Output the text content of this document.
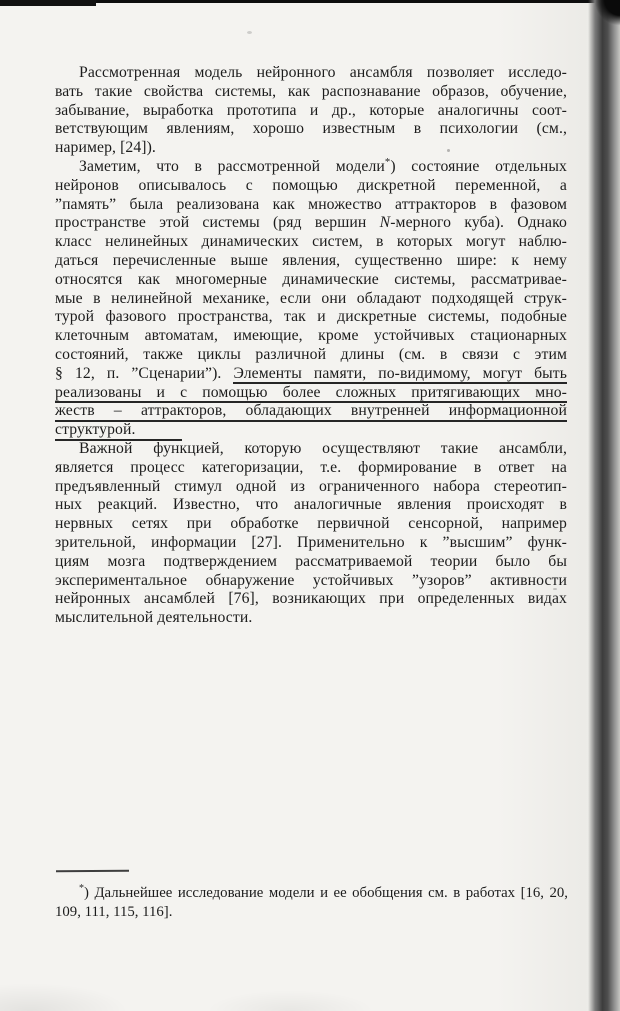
Рассмотренная модель нейронного ансамбля позволяет исследо-
вать такие свойства системы, как распознавание образов, обучение,
забывание, выработка прототипа и др., которые аналогичны соот-
ветствующим явлениям, хорошо известным в психологии (см.,
наример, [24]).
Заметим, что в рассмотренной модели*) состояние отдельных
нейронов описывалось с помощью дискретной переменной, а
”память” была реализована как множество аттракторов в фазовом
пространстве этой системы (ряд вершин N-мерного куба). Однако
класс нелинейных динамических систем, в которых могут наблю-
даться перечисленные выше явления, существенно шире: к нему
относятся как многомерные динамические системы, рассматривае-
мые в нелинейной механике, если они обладают подходящей струк-
турой фазового пространства, так и дискретные системы, подобные
клеточным автоматам, имеющие, кроме устойчивых стационарных
состояний, также циклы различной длины (см. в связи с этим
§ 12, п. ”Сценарии”). Элементы памяти, по-видимому, могут быть
реализованы и с помощью более сложных притягивающих мно-
жеств – аттракторов, обладающих внутренней информационной
структурой.
Важной функцией, которую осуществляют такие ансамбли,
является процесс категоризации, т.е. формирование в ответ на
предъявленный стимул одной из ограниченного набора стереотип-
ных реакций. Известно, что аналогичные явления происходят в
нервных сетях при обработке первичной сенсорной, например
зрительной, информации [27]. Применительно к ”высшим” функ-
циям мозга подтверждением рассматриваемой теории было бы
экспериментальное обнаружение устойчивых ”узоров” активности
нейронных ансамблей [76], возникающих при определенных видах
мыслительной деятельности.
*) Дальнейшее исследование модели и ее обобщения см. в работах [16, 20,
109, 111, 115, 116].
